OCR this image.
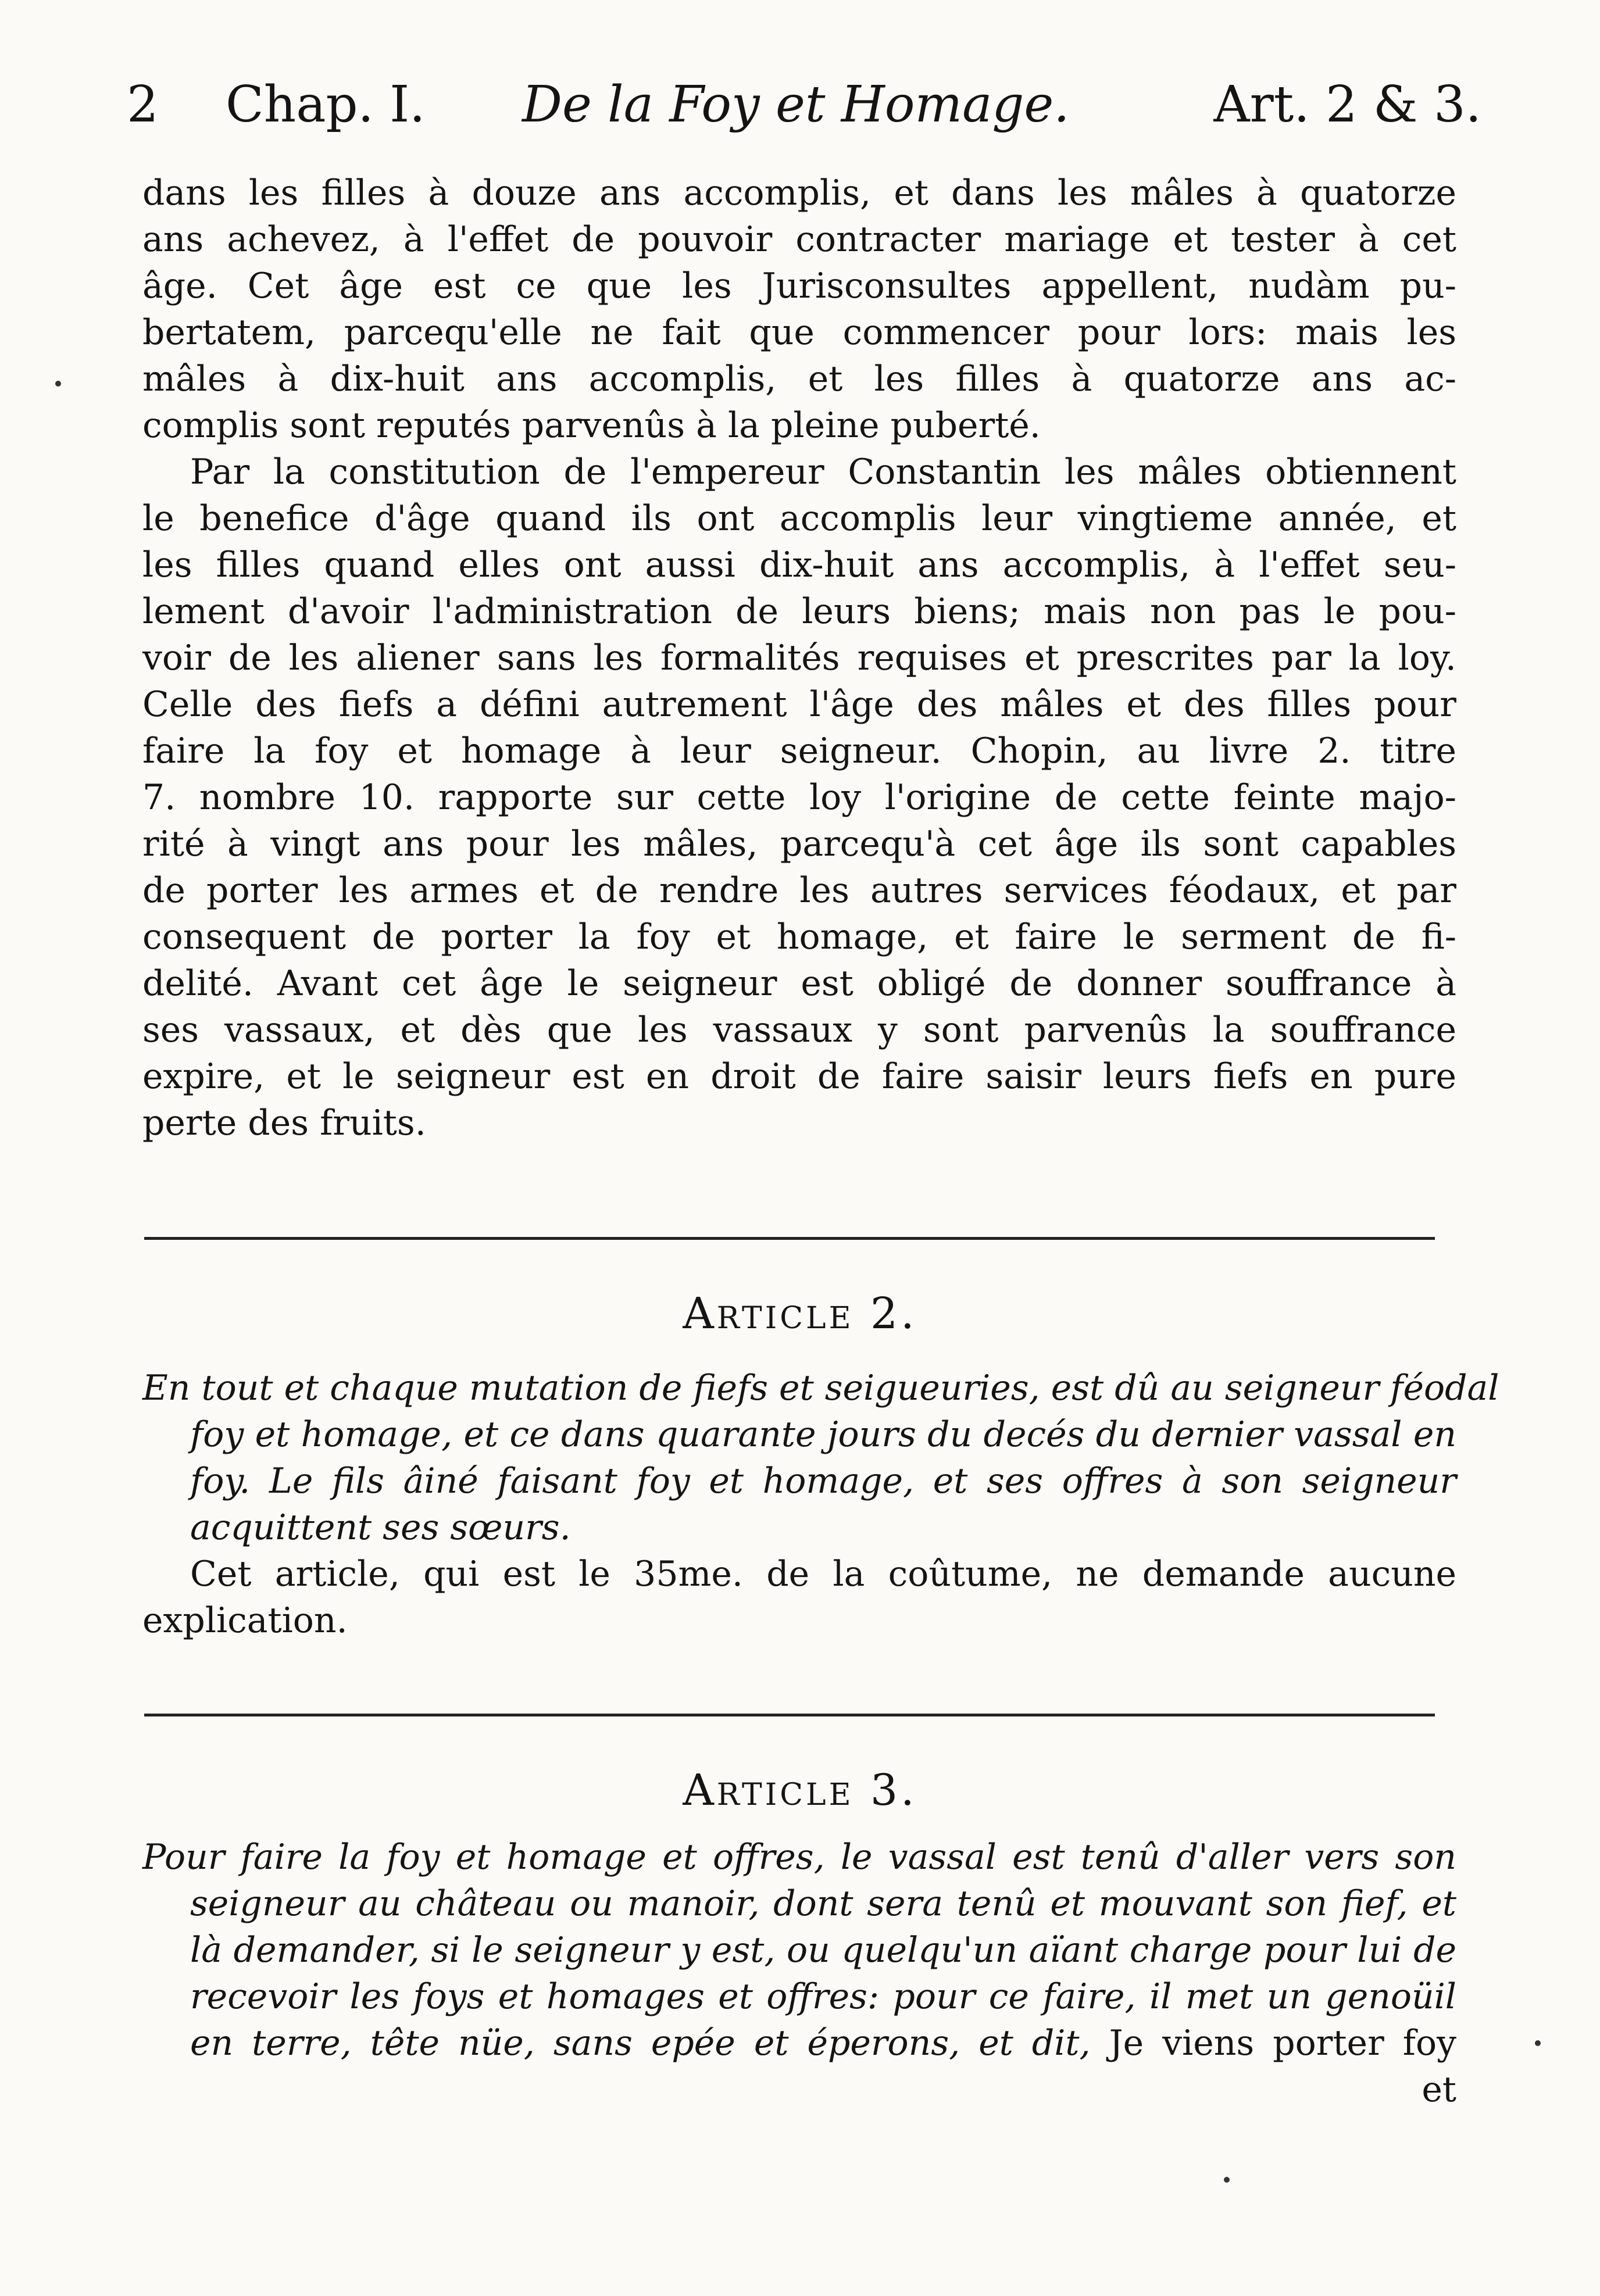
2 Chap. I. De la Foy et Homage.	Art. 2 & 3.
dans les filles à douze ans accomplis, et dans les mâles à quatorze
ans achevez, à l'effet de pouvoir contracter mariage et tester à cet
âge. Cet âge est ce que les Jurisconsultes appellent, nudàm pu-
bertatem, parcequ'elle ne fait que commencer pour lors: mais les
mâles à dix-huit ans accomplis, et les filles à quatorze ans ac-
complis sont reputés parvenûs à la pleine puberté.
Par la constitution de l'empereur Constantin les mâles obtiennent
le benefice d'âge quand ils ont accomplis leur vingtieme année, et
les filles quand elles ont aussi dix-huit ans accomplis, à l'effet seu-
lement d'avoir l'administration de leurs biens; mais non pas le pou-
voir de les aliener sans les formalités requises et prescrites par la loy.
Celle des fiefs a défini autrement l'âge des mâles et des filles pour
faire la foy et homage à leur seigneur. Chopin, au livre 2. titre
7. nombre 10. rapporte sur cette loy l'origine de cette feinte majo-
rité à vingt ans pour les mâles, parcequ'à cet âge ils sont capables
de porter les armes et de rendre les autres services féodaux, et par
consequent de porter la foy et homage, et faire le serment de fi-
delité. Avant cet âge le seigneur est obligé de donner souffrance à
ses vassaux, et dès que les vassaux y sont parvenûs la souffrance
expire, et le seigneur est en droit de faire saisir leurs fiefs en pure
perte des fruits.
Article 2.
En tout et chaque mutation de fiefs et seigueuries, est dû au seigneur féodal
foy et homage, et ce dans quarante jours du decés du dernier vassal en
foy. Le fils âiné faisant foy et homage, et ses offres à son seigneur
acquittent ses sœurs.
Cet article, qui est le 35me. de la coûtume, ne demande aucune
explication.
Article 3.
Pour faire la foy et homage et offres, le vassal est tenû d'aller vers son
seigneur au château ou manoir, dont sera tenû et mouvant son fief, et
là demander, si le seigneur y est, ou quelqu'un aïant charge pour lui de
recevoir les foys et homages et offres: pour ce faire, il met un genoüil
en terre, tête nüe, sans epée et éperons, et dit, Je viens porter foy
et
